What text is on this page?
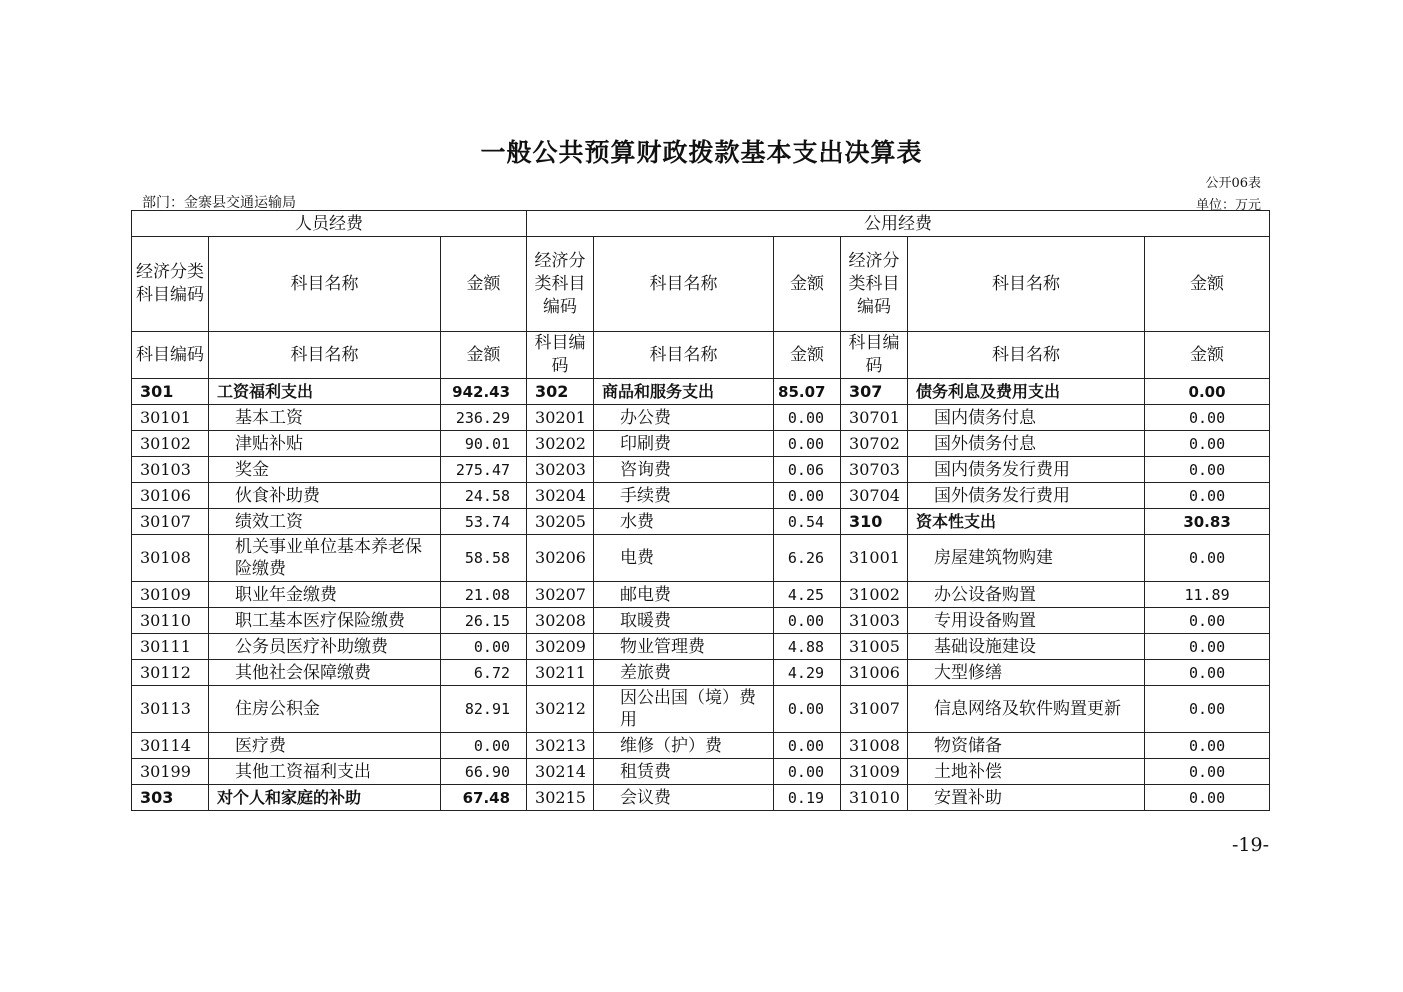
一般公共预算财政拨款基本支出决算表
公开06表
部门：金寨县交通运输局	单位：万元
人员经费			公用经费					
经济分类科目编码	科目名称	金额	经济分类科目编码	科目名称	金额	经济分类科目编码	科目名称	金额
科目编码	科目名称	金额	科目编码	科目名称	金额	科目编码	科目名称	金额
301	工资福利支出	942.43	302	商品和服务支出	85.07	307	债务利息及费用支出	0.00
30101	基本工资	236.29	30201	办公费	0.00	30701	国内债务付息	0.00
30102	津贴补贴	90.01	30202	印刷费	0.00	30702	国外债务付息	0.00
30103	奖金	275.47	30203	咨询费	0.06	30703	国内债务发行费用	0.00
30106	伙食补助费	24.58	30204	手续费	0.00	30704	国外债务发行费用	0.00
30107	绩效工资	53.74	30205	水费	0.54	310	资本性支出	30.83
30108	机关事业单位基本养老保险缴费	58.58	30206	电费	6.26	31001	房屋建筑物购建	0.00
30109	职业年金缴费	21.08	30207	邮电费	4.25	31002	办公设备购置	11.89
30110	职工基本医疗保险缴费	26.15	30208	取暖费	0.00	31003	专用设备购置	0.00
30111	公务员医疗补助缴费	0.00	30209	物业管理费	4.88	31005	基础设施建设	0.00
30112	其他社会保障缴费	6.72	30211	差旅费	4.29	31006	大型修缮	0.00
30113	住房公积金	82.91	30212	因公出国（境）费用	0.00	31007	信息网络及软件购置更新	0.00
30114	医疗费	0.00	30213	维修（护）费	0.00	31008	物资储备	0.00
30199	其他工资福利支出	66.90	30214	租赁费	0.00	31009	土地补偿	0.00
303	对个人和家庭的补助	67.48	30215	会议费	0.19	31010	安置补助	0.00
-19-
